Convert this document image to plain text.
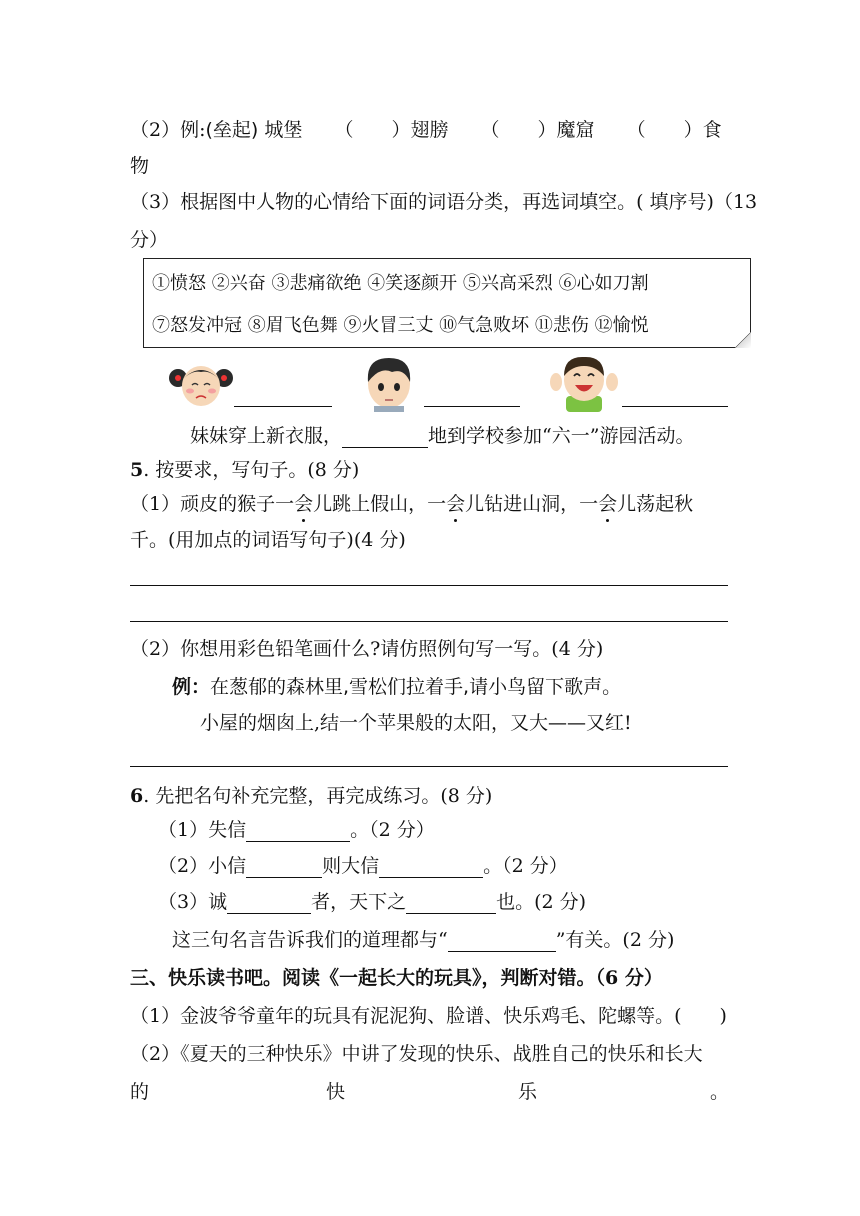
（2）例:(垒起) 城堡 （　　）翅膀 （　　）魔窟 （　　）食
物
（3）根据图中人物的心情给下面的词语分类，再选词填空。( 填序号)（13
分）
①愤怒 ②兴奋 ③悲痛欲绝 ④笑逐颜开 ⑤兴高采烈 ⑥心如刀割
⑦怒发冲冠 ⑧眉飞色舞 ⑨火冒三丈 ⑩气急败坏 ⑪悲伤 ⑫愉悦
妹妹穿上新衣服，	地到学校参加“六一”游园活动。
5. 按要求，写句子。(8 分)
（1）顽皮的猴子一会儿跳上假山，一会儿钻进山洞，一会儿荡起秋
千。(用加点的词语写句子)(4 分)
（2）你想用彩色铅笔画什么?请仿照例句写一写。(4 分)
例：在葱郁的森林里,雪松们拉着手,请小鸟留下歌声。
小屋的烟囱上,结一个苹果般的太阳，又大——又红!
6. 先把名句补充完整，再完成练习。(8 分)
（1）失信	。（2 分）
（2）小信	则大信	。（2 分）
（3）诚	者，天下之	也。(2 分)
这三句名言告诉我们的道理都与“	”有关。(2 分)
三、快乐读书吧。阅读《一起长大的玩具》，判断对错。（6 分）
（1）金波爷爷童年的玩具有泥泥狗、脸谱、快乐鸡毛、陀螺等。(　　)
（2）《夏天的三种快乐》中讲了发现的快乐、战胜自己的快乐和长大
的	快	乐	。
